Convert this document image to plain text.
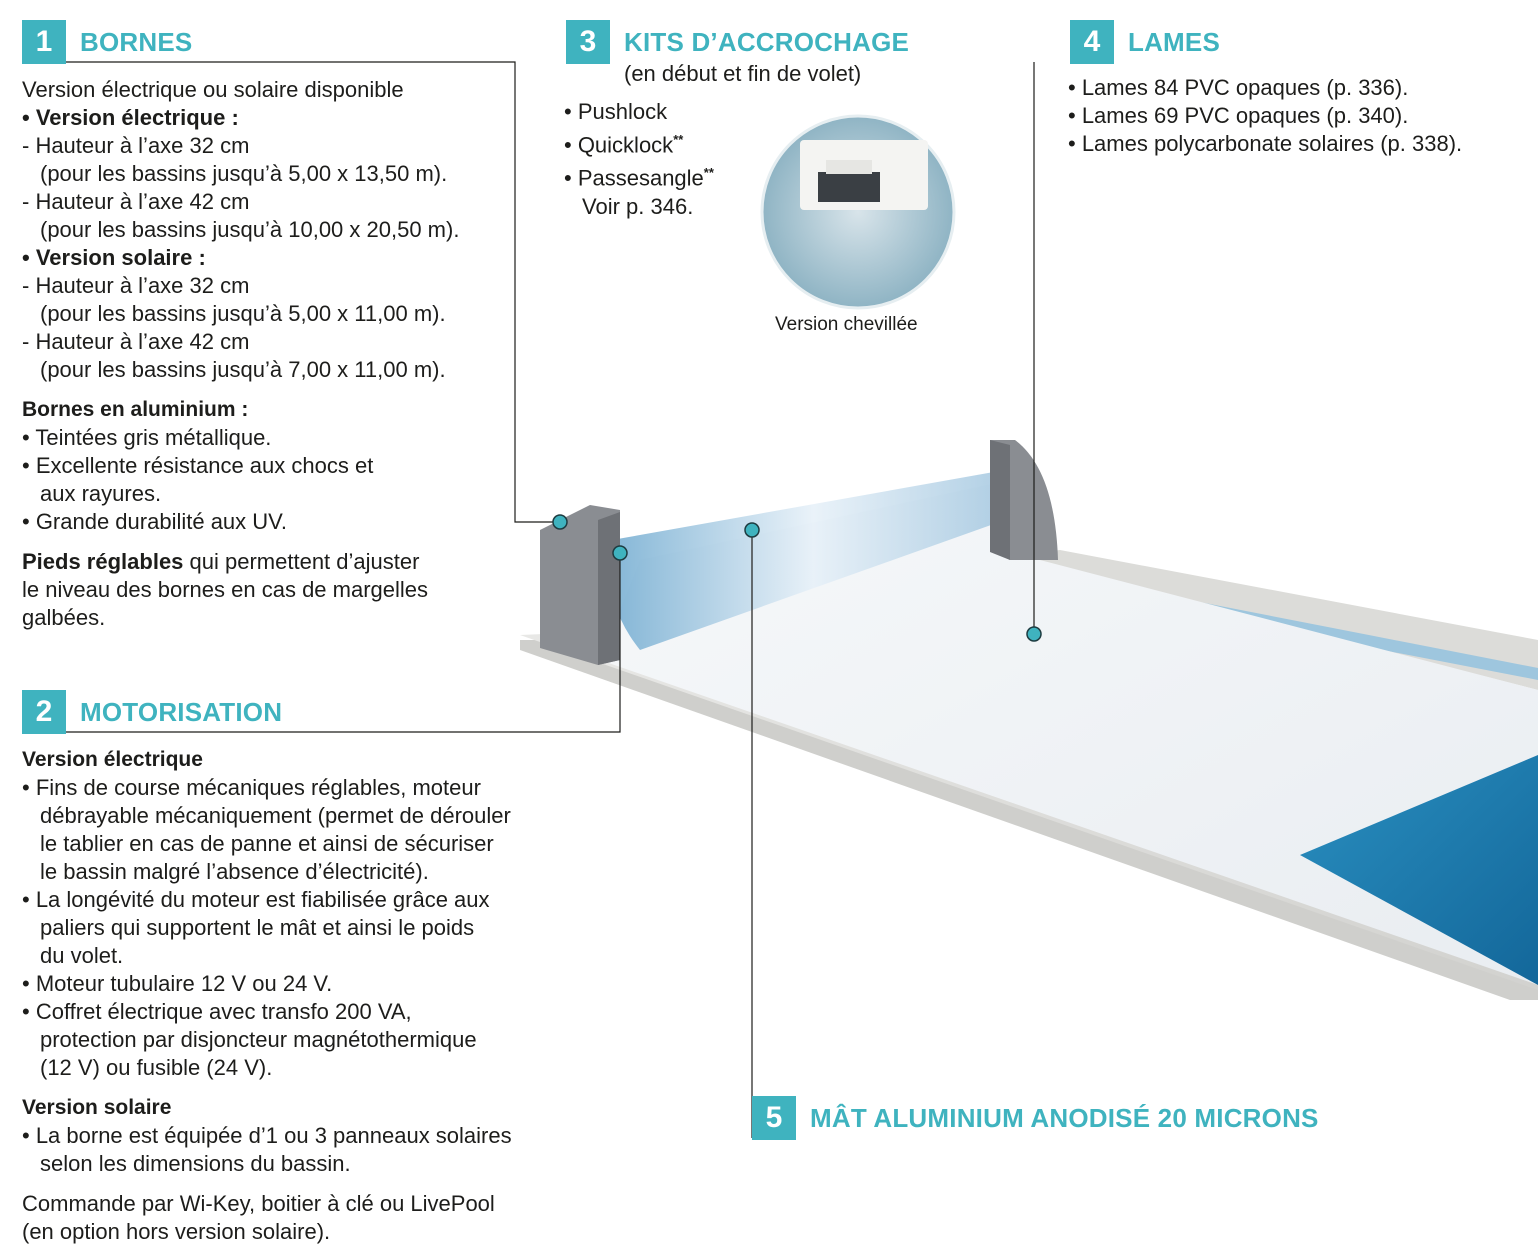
1	BORNES
Version électrique ou solaire disponible
• Version électrique :
- Hauteur à l’axe 32 cm
(pour les bassins jusqu’à 5,00 x 13,50 m).
- Hauteur à l’axe 42 cm
(pour les bassins jusqu’à 10,00 x 20,50 m).
• Version solaire :
- Hauteur à l’axe 32 cm
(pour les bassins jusqu’à 5,00 x 11,00 m).
- Hauteur à l’axe 42 cm
(pour les bassins jusqu’à 7,00 x 11,00 m).
Bornes en aluminium :
• Teintées gris métallique.
• Excellente résistance aux chocs et
aux rayures.
• Grande durabilité aux UV.
Pieds réglables qui permettent d’ajuster
le niveau des bornes en cas de margelles
galbées.
2	MOTORISATION
Version électrique
• Fins de course mécaniques réglables, moteur
débrayable mécaniquement (permet de dérouler
le tablier en cas de panne et ainsi de sécuriser
le bassin malgré l’absence d’électricité).
• La longévité du moteur est fiabilisée grâce aux
paliers qui supportent le mât et ainsi le poids
du volet.
• Moteur tubulaire 12 V ou 24 V.
• Coffret électrique avec transfo 200 VA,
protection par disjoncteur magnétothermique
(12 V) ou fusible (24 V).
Version solaire
• La borne est équipée d’1 ou 3 panneaux solaires
selon les dimensions du bassin.
Commande par Wi-Key, boitier à clé ou LivePool
(en option hors version solaire).
3	KITS D’ACCROCHAGE
(en début et fin de volet)
• Pushlock
• Quicklock**
• Passesangle**
Voir p. 346.
Version chevillée
4	LAMES
• Lames 84 PVC opaques (p. 336).
• Lames 69 PVC opaques (p. 340).
• Lames polycarbonate solaires (p. 338).
5	MÂT ALUMINIUM ANODISÉ 20 MICRONS
